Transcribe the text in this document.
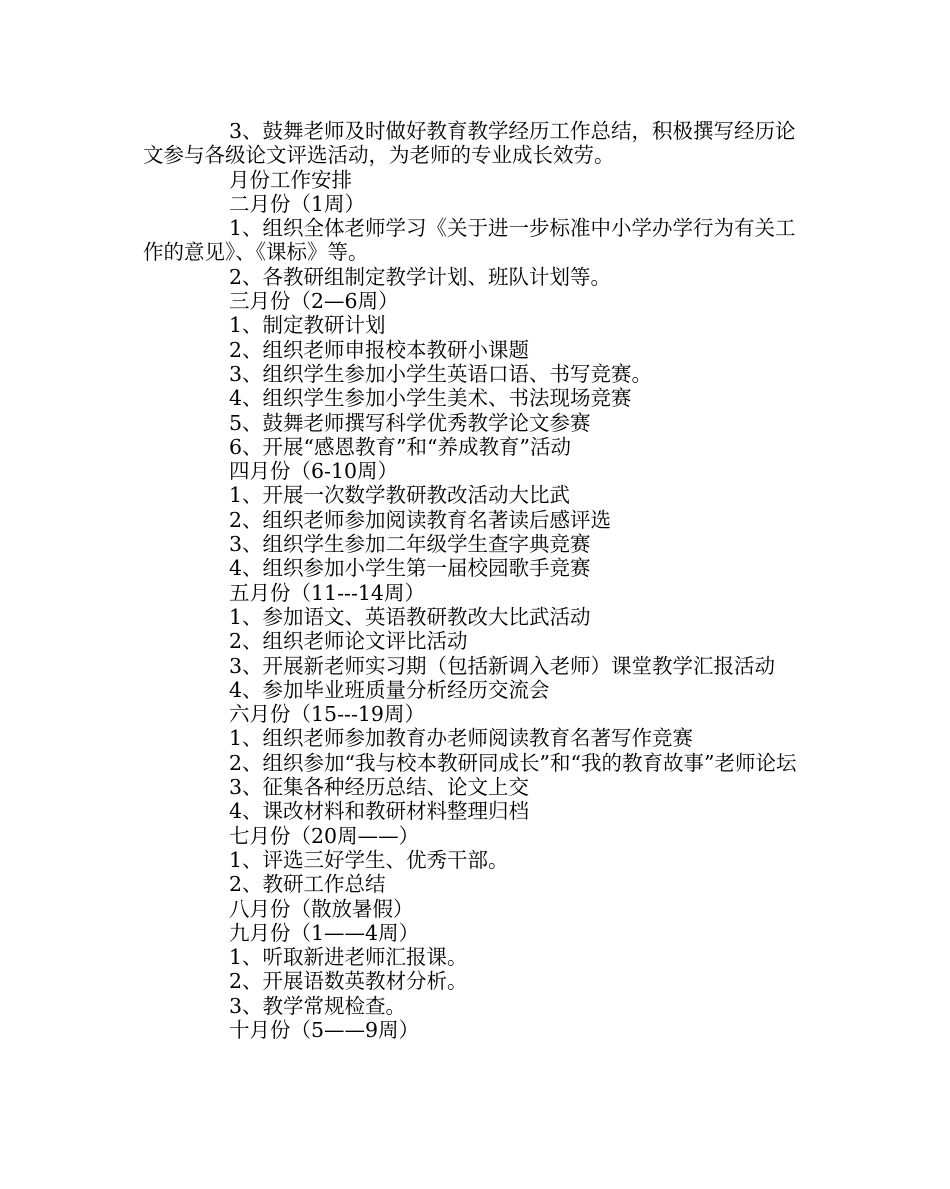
3、鼓舞老师及时做好教育教学经历工作总结，积极撰写经历论文参与各级论文评选活动，为老师的专业成长效劳。

月份工作安排

二月份（1周）

1、组织全体老师学习《关于进一步标准中小学办学行为有关工作的意见》、《课标》等。

2、各教研组制定教学计划、班队计划等。

三月份（2—6周）

1、制定教研计划

2、组织老师申报校本教研小课题

3、组织学生参加小学生英语口语、书写竞赛。

4、组织学生参加小学生美术、书法现场竞赛

5、鼓舞老师撰写科学优秀教学论文参赛

6、开展“感恩教育”和“养成教育”活动

四月份（6-10周）

1、开展一次数学教研教改活动大比武

2、组织老师参加阅读教育名著读后感评选

3、组织学生参加二年级学生查字典竞赛

4、组织参加小学生第一届校园歌手竞赛

五月份（11---14周）

1、参加语文、英语教研教改大比武活动

2、组织老师论文评比活动

3、开展新老师实习期（包括新调入老师）课堂教学汇报活动

4、参加毕业班质量分析经历交流会

六月份（15---19周）

1、组织老师参加教育办老师阅读教育名著写作竞赛

2、组织参加“我与校本教研同成长”和“我的教育故事”老师论坛

3、征集各种经历总结、论文上交

4、课改材料和教研材料整理归档

七月份（20周——）

1、评选三好学生、优秀干部。

2、教研工作总结

八月份（散放暑假）

九月份（1——4周）

1、听取新进老师汇报课。

2、开展语数英教材分析。

3、教学常规检查。

十月份（5——9周）
